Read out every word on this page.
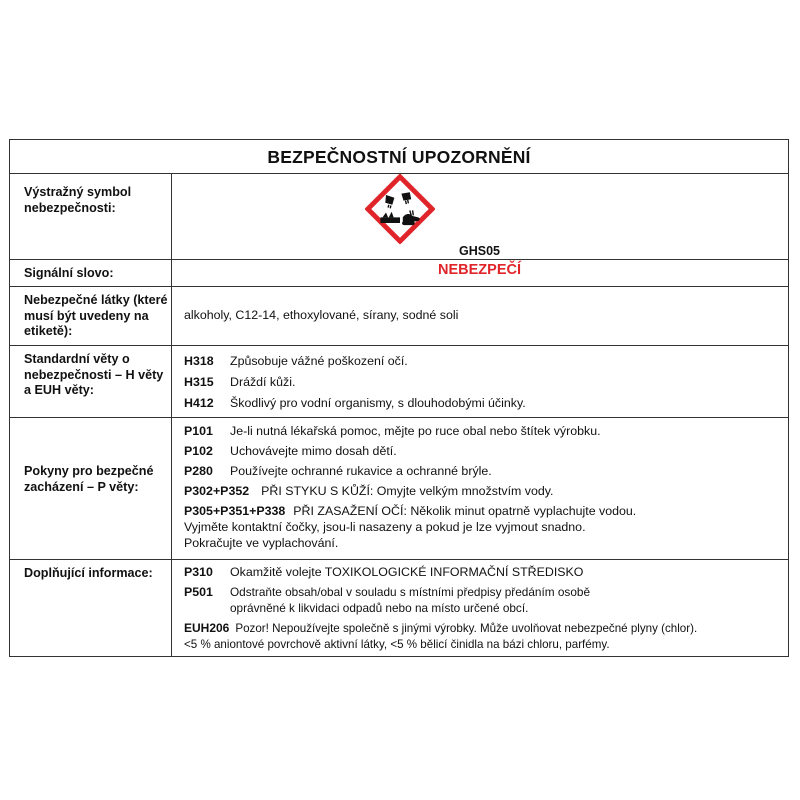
BEZPEČNOSTNÍ UPOZORNĚNÍ
Výstražný symbol nebezpečnosti:
GHS05
Signální slovo:	NEBEZPEČÍ
Nebezpečné látky (které musí být uvedeny na etiketě):
alkoholy, C12-14, ethoxylované, sírany, sodné soli
Standardní věty o nebezpečnosti – H věty a EUH věty:
H318 Způsobuje vážné poškození očí.
H315 Dráždí kůži.
H412 Škodlivý pro vodní organismy, s dlouhodobými účinky.
Pokyny pro bezpečné zacházení – P věty:
P101 Je-li nutná lékařská pomoc, mějte po ruce obal nebo štítek výrobku.
P102 Uchovávejte mimo dosah dětí.
P280 Používejte ochranné rukavice a ochranné brýle.
P302+P352 PŘI STYKU S KŮŽÍ: Omyjte velkým množstvím vody.
P305+P351+P338 PŘI ZASAŽENÍ OČÍ: Několik minut opatrně vyplachujte vodou.
Vyjměte kontaktní čočky, jsou-li nasazeny a pokud je lze vyjmout snadno.
Pokračujte ve vyplachování.
Doplňující informace:	P310 Okamžitě volejte TOXIKOLOGICKÉ INFORMAČNÍ STŘEDISKO
P501 Odstraňte obsah/obal v souladu s místními předpisy předáním osobě
oprávněné k likvidaci odpadů nebo na místo určené obcí.
EUH206 Pozor! Nepoužívejte společně s jinými výrobky. Může uvolňovat nebezpečné plyny (chlor).
<5 % aniontové povrchově aktivní látky, <5 % bělicí činidla na bázi chloru, parfémy.
